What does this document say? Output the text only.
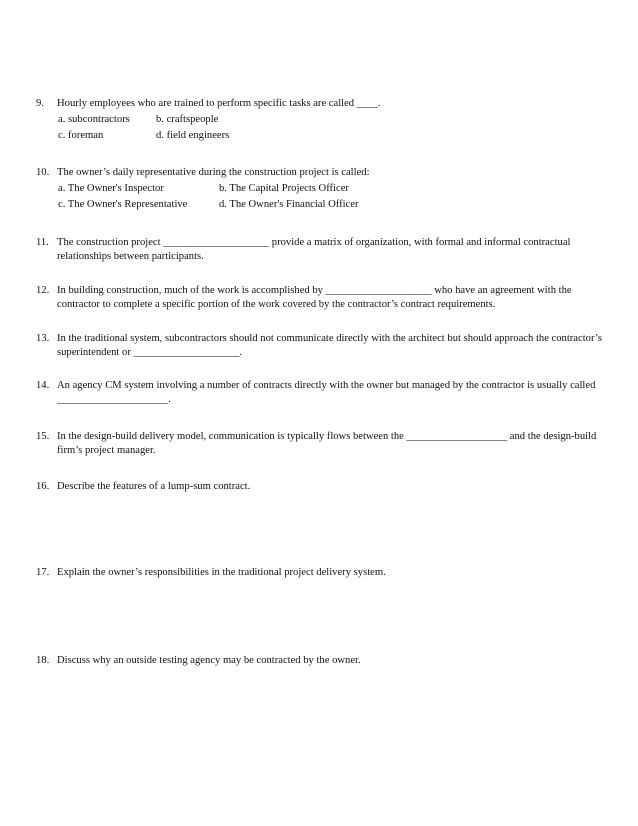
9. Hourly employees who are trained to perform specific tasks are called ____.
a. subcontractors b. craftspeople
c. foreman	d. field engineers
10. The owner’s daily representative during the construction project is called:
a. The Owner's Inspector	b. The Capital Projects Officer
c. The Owner's Representative	d. The Owner's Financial Officer
11. The construction project ____________________ provide a matrix of organization, with formal and informal contractual relationships between participants.
12. In building construction, much of the work is accomplished by ____________________ who have an agreement with the contractor to complete a specific portion of the work covered by the contractor’s contract requirements.
13. In the traditional system, subcontractors should not communicate directly with the architect but should approach the contractor’s superintendent or ____________________.
14. An agency CM system involving a number of contracts directly with the owner but managed by the contractor is usually called _____________________.
15. In the design-build delivery model, communication is typically flows between the ___________________ and the design-build firm’s project manager.
16. Describe the features of a lump-sum contract.
17. Explain the owner’s responsibilities in the traditional project delivery system.
18. Discuss why an outside testing agency may be contracted by the owner.
